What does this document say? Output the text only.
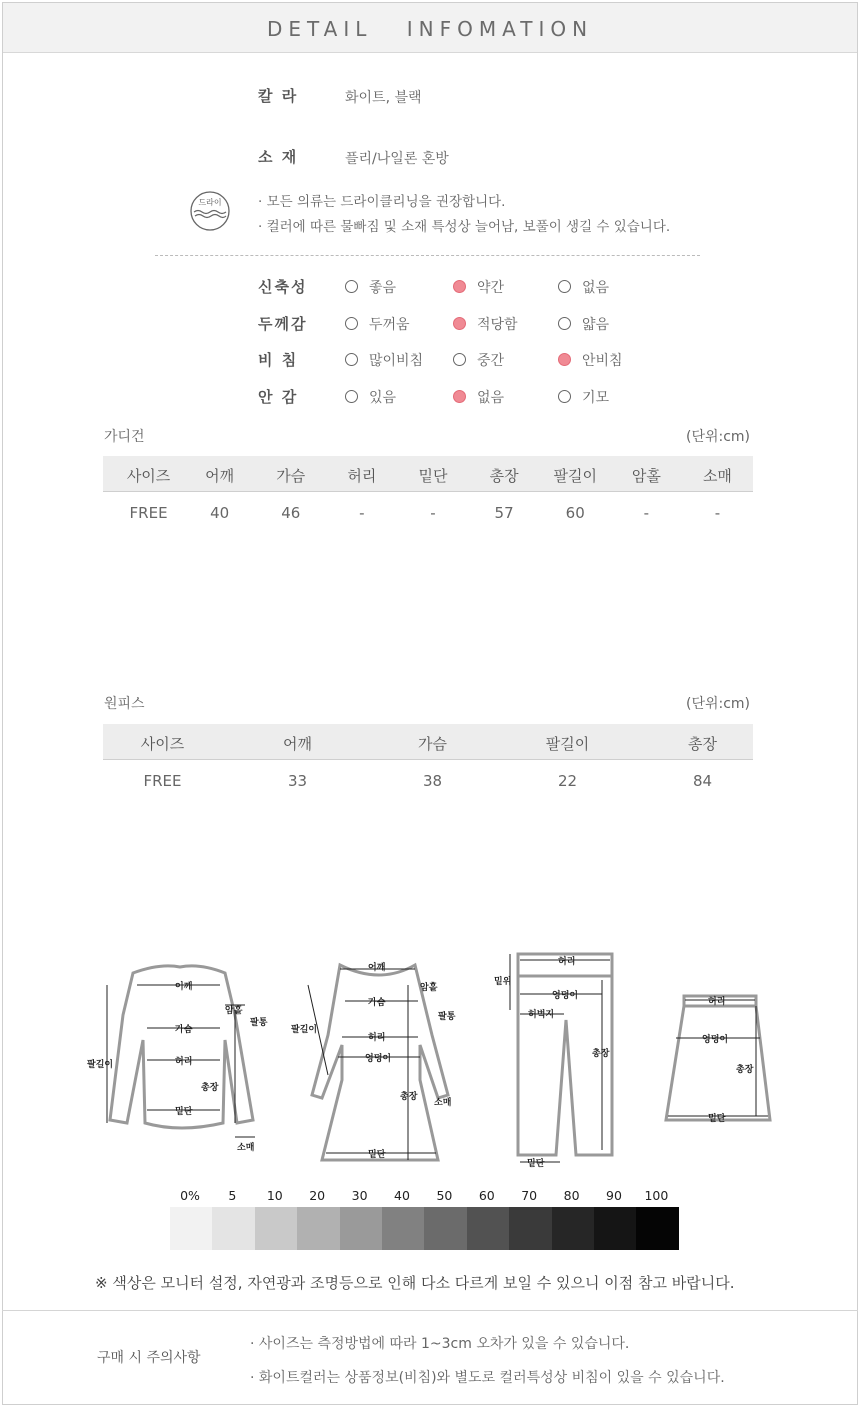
DETAIL INFOMATION
칼 라	화이트, 블랙
소 재	플리/나일론 혼방
드라이	· 모든 의류는 드라이클리닝을 권장합니다.
· 컬러에 따른 물빠짐 및 소재 특성상 늘어남, 보풀이 생길 수 있습니다.
신축성	좋음	약간	없음
두께감	두꺼움	적당함	얇음
비 침	많이비침	중간	안비침
안 감	있음	없음	기모
가디건	(단위:cm)
사이즈	어깨	가슴	허리	밑단	총장	팔길이	암홀	소매
FREE	40	46	-	-	57	60	-	-
원피스	(단위:cm)
사이즈	어깨	가슴	팔길이	총장
FREE	33	38	22	84
어깨
가슴
허리
밑단
암홀
팔통
총장
팔길이
소매
어깨
가슴
허리
엉덩이
밑단
암홀
팔통
팔길이
총장
소매
허리
밑위
엉덩이
허벅지
총장
밑단
허리
엉덩이
총장
밑단
0%	5	10	20	30	40	50	60	70	80	90	100
※ 색상은 모니터 설정, 자연광과 조명등으로 인해 다소 다르게 보일 수 있으니 이점 참고 바랍니다.
구매 시 주의사항
· 사이즈는 측정방법에 따라 1~3cm 오차가 있을 수 있습니다.
· 화이트컬러는 상품정보(비침)와 별도로 컬러특성상 비침이 있을 수 있습니다.
